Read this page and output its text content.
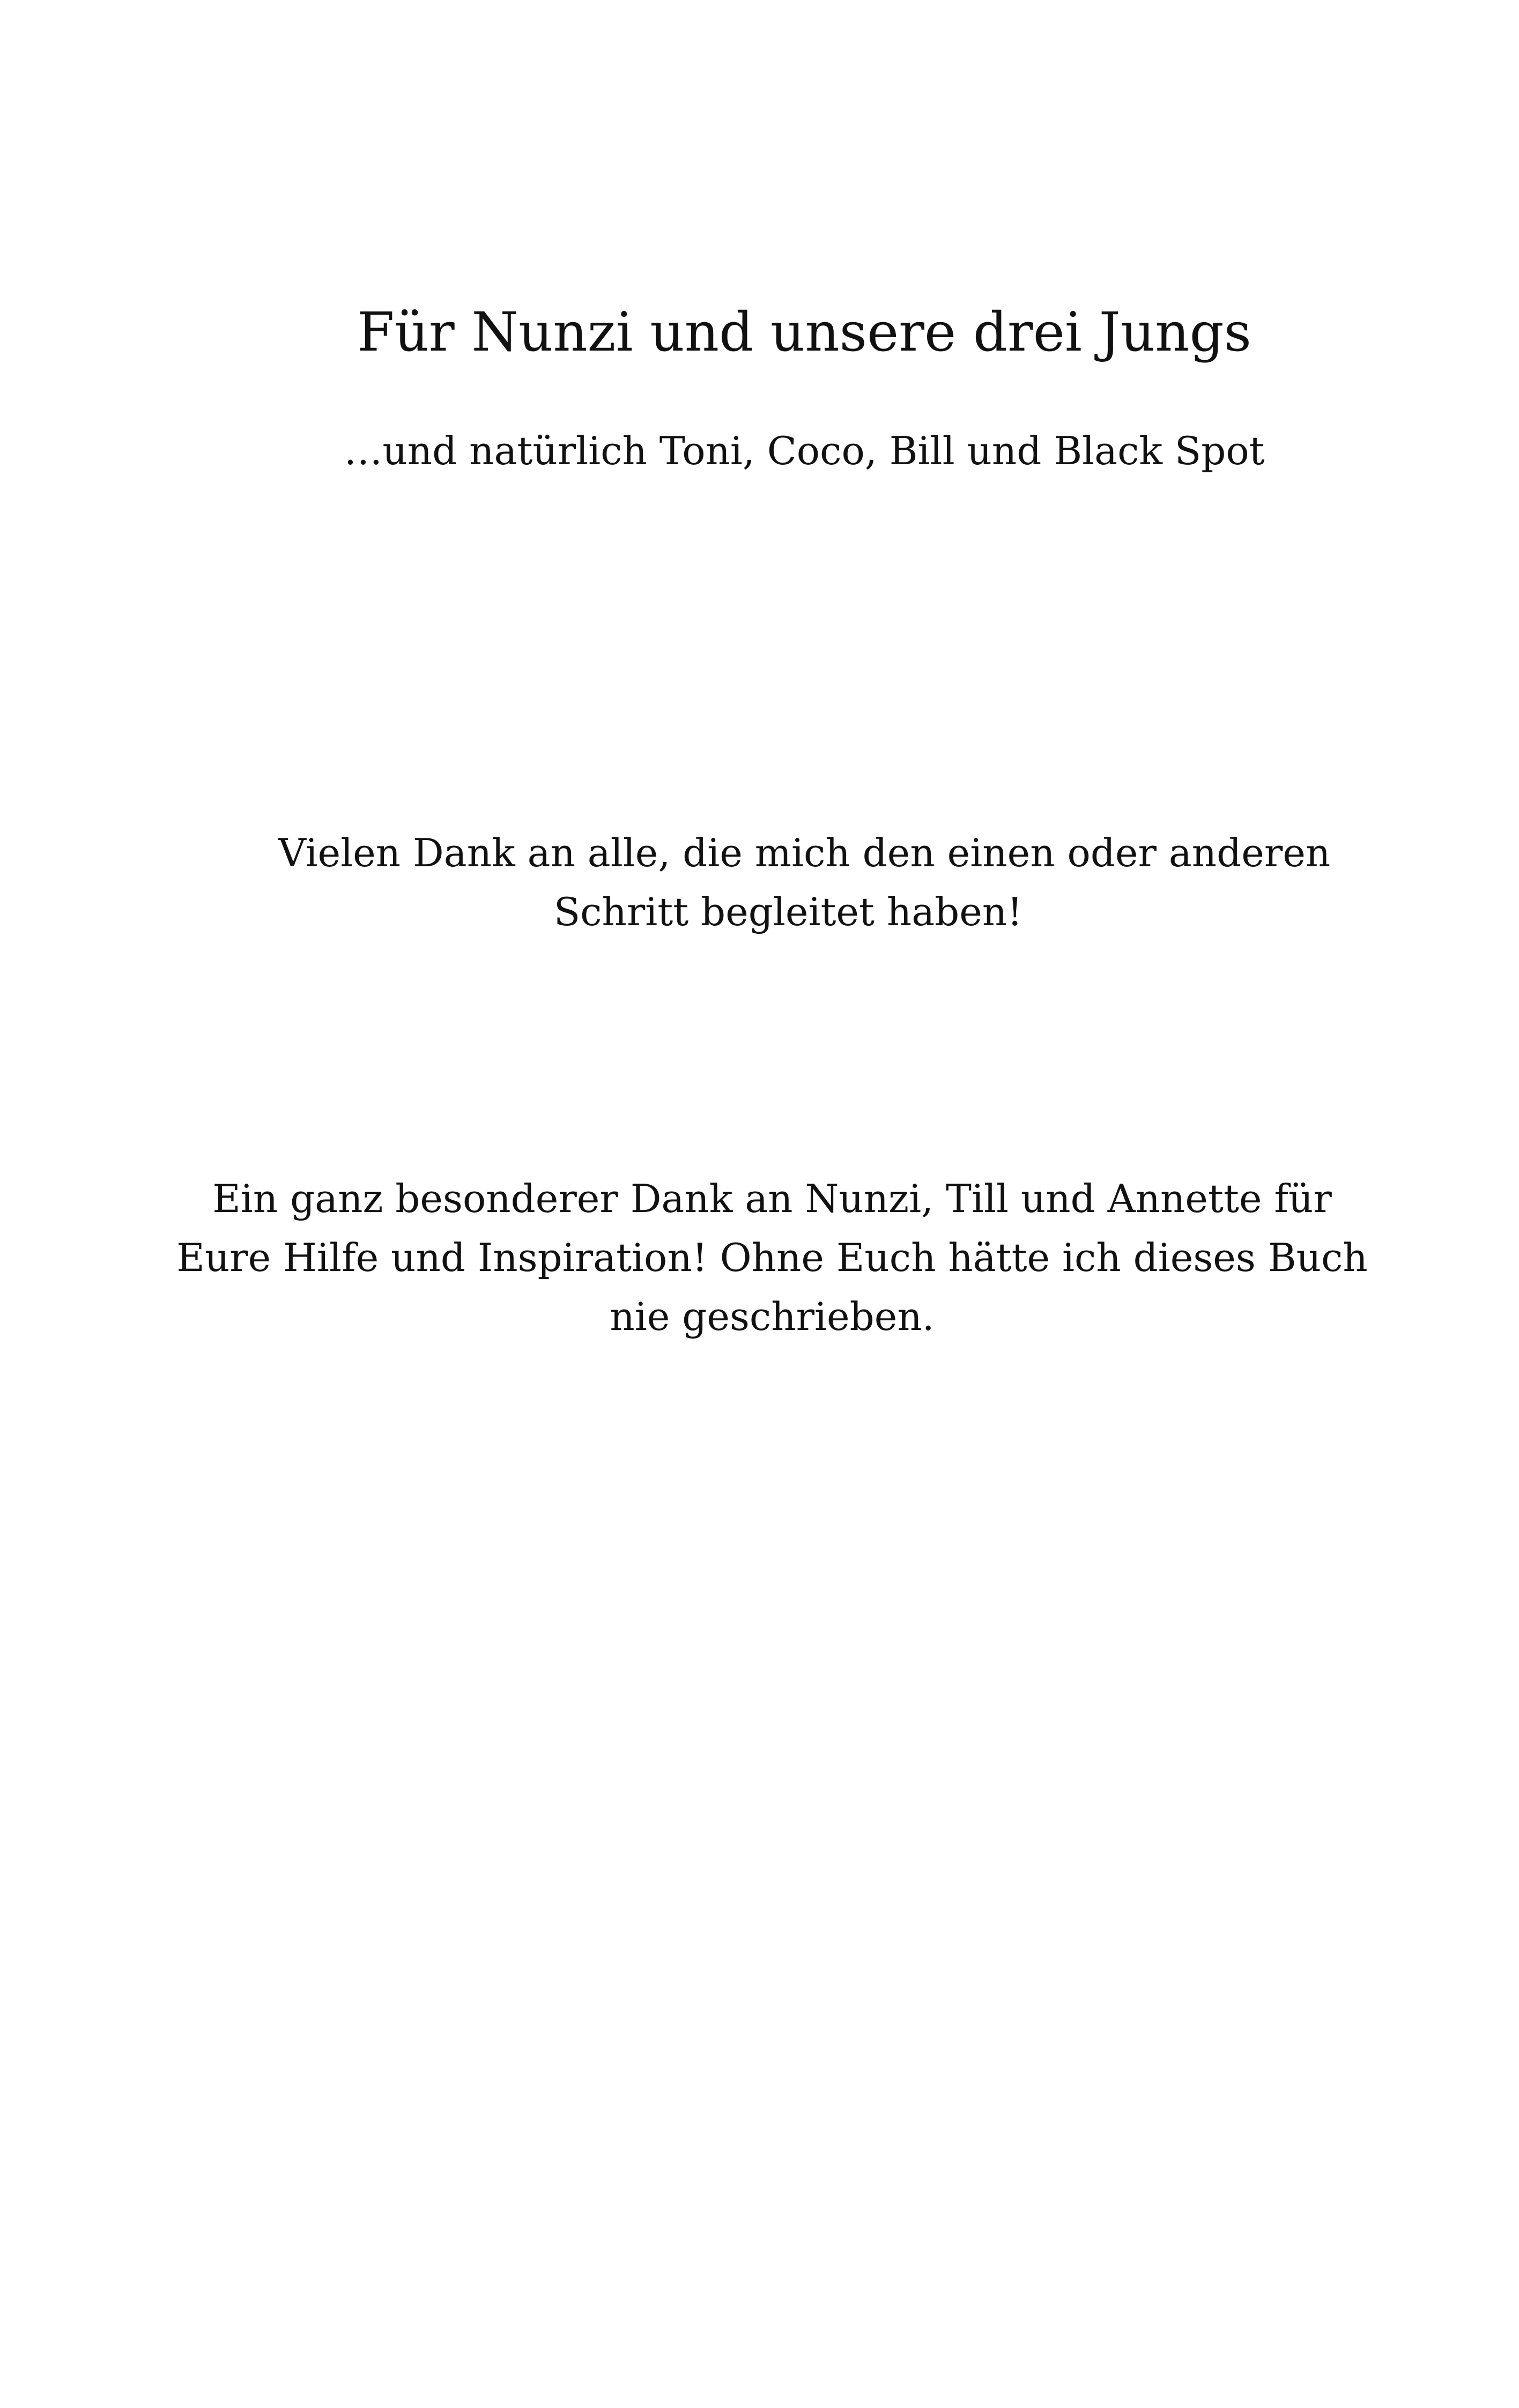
Für Nunzi und unsere drei Jungs
…und natürlich Toni, Coco, Bill und Black Spot
Vielen Dank an alle, die mich den einen oder anderen
Schritt begleitet haben!
Ein ganz besonderer Dank an Nunzi, Till und Annette für
Eure Hilfe und Inspiration! Ohne Euch hätte ich dieses Buch
nie geschrieben.
